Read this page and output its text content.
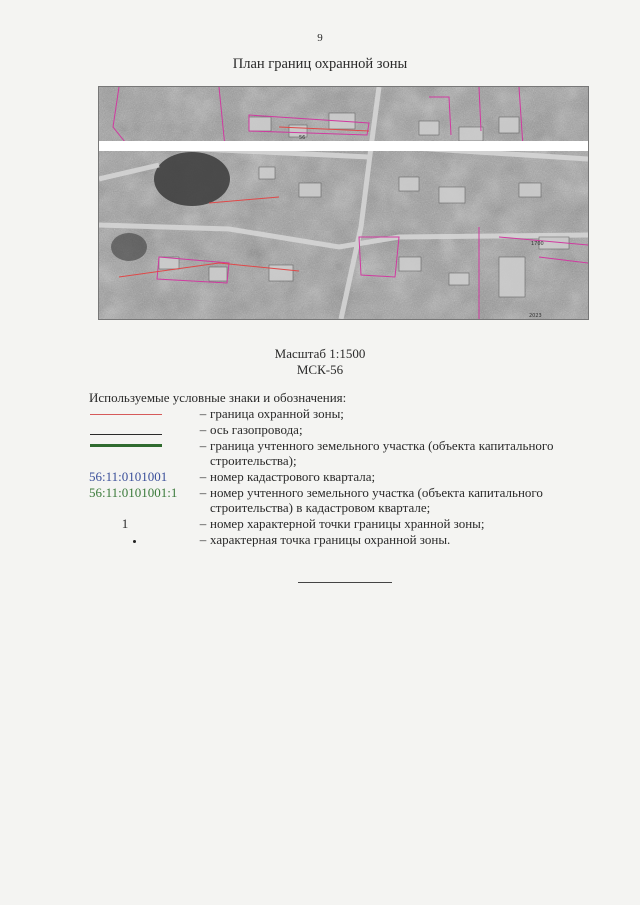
9
План границ охранной зоны
56
1700
2023
Масштаб 1:1500
МСК-56
Используемые условные знаки и обозначения:
– граница охранной зоны;
– ось газопровода;
– граница учтенного земельного участка (объекта капитального строительства);
56:11:0101001	– номер кадастрового квартала;
56:11:0101001:1	– номер учтенного земельного участка (объекта капитального строительства) в кадастровом квартале;
1	– номер характерной точки границы хранной зоны;
– характерная точка границы охранной зоны.
